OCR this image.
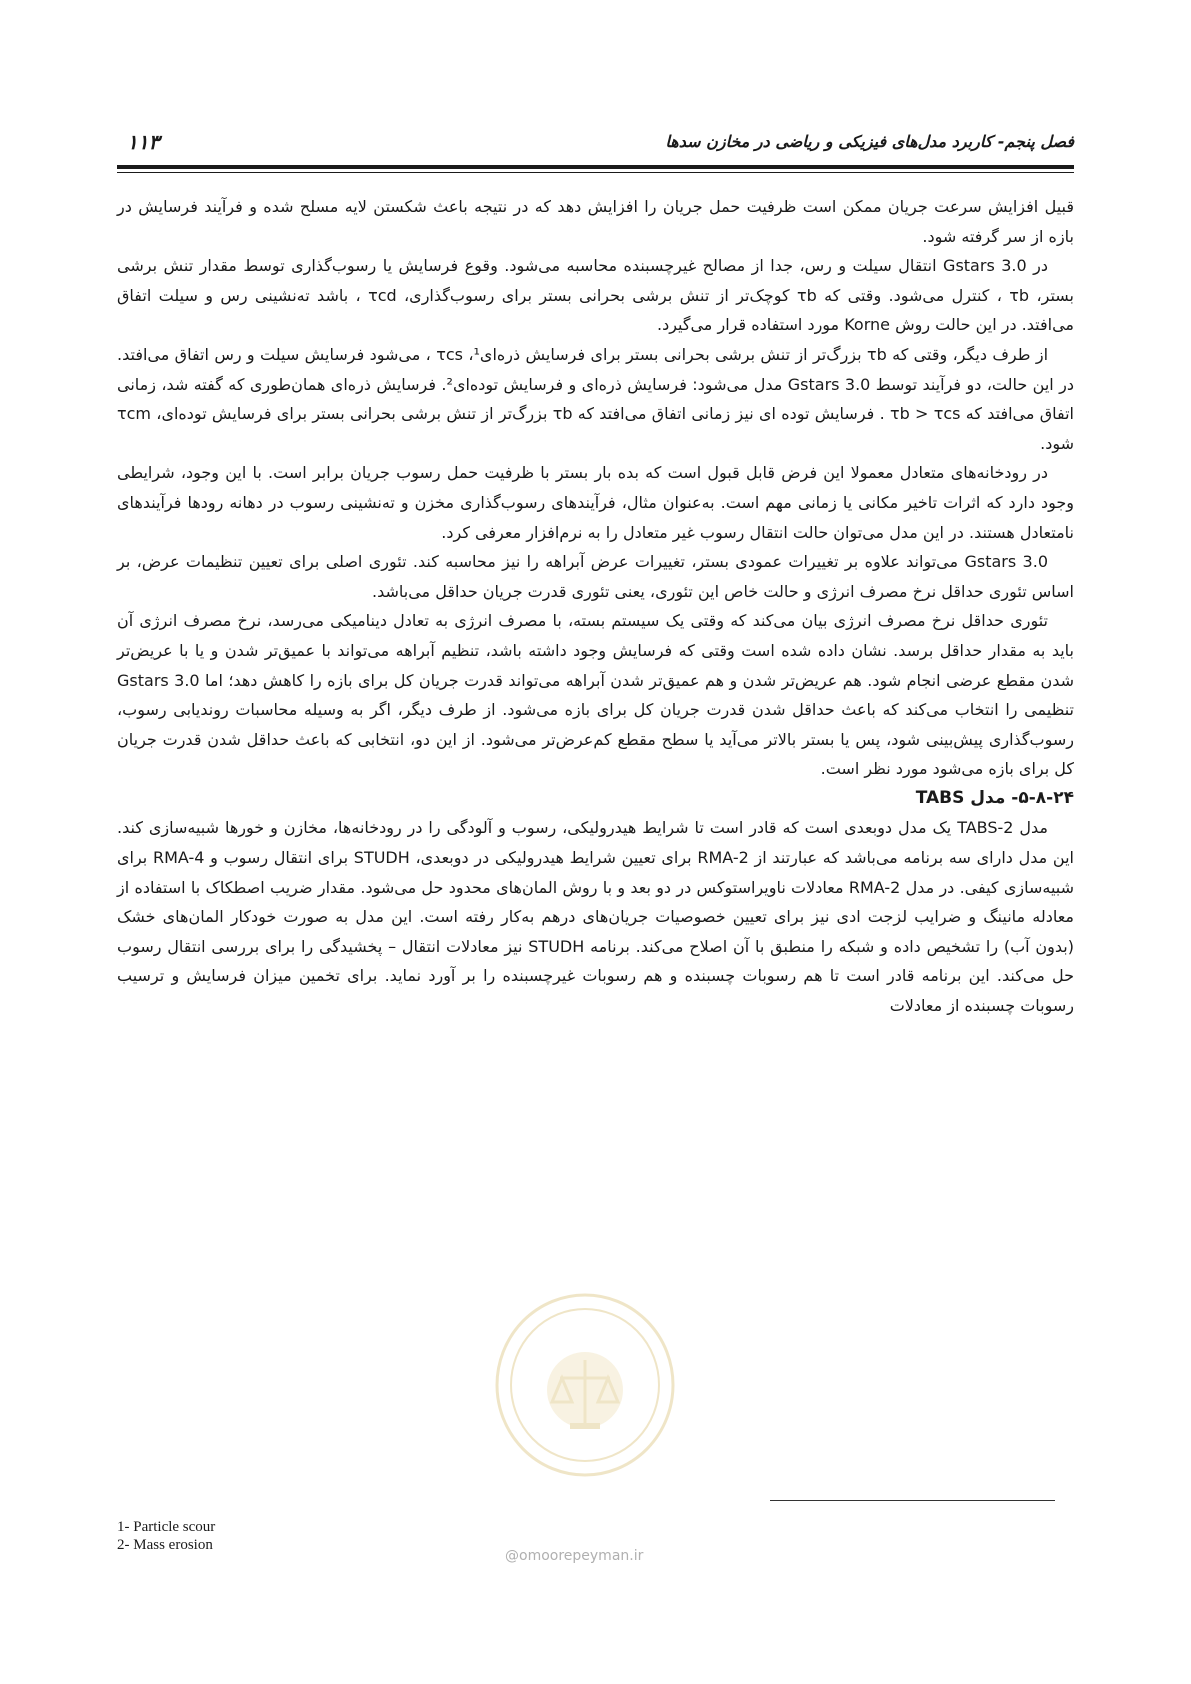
۱۱۳	فصل پنجم- کاربرد مدل‌های فیزیکی و ریاضی در مخازن سدها

قبیل افزایش سرعت جریان ممکن است ظرفیت حمل جریان را افزایش دهد که در نتیجه باعث شکستن لایه مسلح شده و فرآیند فرسایش در بازه از سر گرفته شود.

در Gstars 3.0 انتقال سیلت و رس، جدا از مصالح غیرچسبنده محاسبه می‌شود. وقوع فرسایش یا رسوب‌گذاری توسط مقدار تنش برشی بستر، τb ، کنترل می‌شود. وقتی که τb کوچک‌تر از تنش برشی بحرانی بستر برای رسوب‌گذاری، τcd ، باشد ته‌نشینی رس و سیلت اتفاق می‌افتد. در این حالت روش Korne مورد استفاده قرار می‌گیرد.

از طرف دیگر، وقتی که τb بزرگ‌تر از تنش برشی بحرانی بستر برای فرسایش ذره‌ای¹، τcs ، می‌شود فرسایش سیلت و رس اتفاق می‌افتد. در این حالت، دو فرآیند توسط Gstars 3.0 مدل می‌شود: فرسایش ذره‌ای و فرسایش توده‌ای². فرسایش ذره‌ای همان‌طوری که گفته شد، زمانی اتفاق می‌افتد که τb > τcs . فرسایش توده ای نیز زمانی اتفاق می‌افتد که τb بزرگ‌تر از تنش برشی بحرانی بستر برای فرسایش توده‌ای، τcm شود.

در رودخانه‌های متعادل معمولا این فرض قابل قبول است که بده بار بستر با ظرفیت حمل رسوب جریان برابر است. با این وجود، شرایطی وجود دارد که اثرات تاخیر مکانی یا زمانی مهم است. به‌عنوان مثال، فرآیندهای رسوب‌گذاری مخزن و ته‌نشینی رسوب در دهانه رودها فرآیندهای نامتعادل هستند. در این مدل می‌توان حالت انتقال رسوب غیر متعادل را به نرم‌افزار معرفی کرد.

Gstars 3.0 می‌تواند علاوه بر تغییرات عمودی بستر، تغییرات عرض آبراهه را نیز محاسبه کند. تئوری اصلی برای تعیین تنظیمات عرض، بر اساس تئوری حداقل نرخ مصرف انرژی و حالت خاص این تئوری، یعنی تئوری قدرت جریان حداقل می‌باشد.

تئوری حداقل نرخ مصرف انرژی بیان می‌کند که وقتی یک سیستم بسته، با مصرف انرژی به تعادل دینامیکی می‌رسد، نرخ مصرف انرژی آن باید به مقدار حداقل برسد. نشان داده شده است وقتی که فرسایش وجود داشته باشد، تنظیم آبراهه می‌تواند با عمیق‌تر شدن و یا با عریض‌تر شدن مقطع عرضی انجام شود. هم عریض‌تر شدن و هم عمیق‌تر شدن آبراهه می‌تواند قدرت جریان کل برای بازه را کاهش دهد؛ اما Gstars 3.0 تنظیمی را انتخاب می‌کند که باعث حداقل شدن قدرت جریان کل برای بازه می‌شود. از طرف دیگر، اگر به وسیله محاسبات روندیابی رسوب، رسوب‌گذاری پیش‌بینی شود، پس یا بستر بالاتر می‌آید یا سطح مقطع کم‌عرض‌تر می‌شود. از این دو، انتخابی که باعث حداقل شدن قدرت جریان کل برای بازه می‌شود مورد نظر است.

۵-۸-۲۴- مدل TABS

مدل TABS-2 یک مدل دوبعدی است که قادر است تا شرایط هیدرولیکی، رسوب و آلودگی را در رودخانه‌ها، مخازن و خورها شبیه‌سازی کند. این مدل دارای سه برنامه می‌باشد که عبارتند از RMA-2 برای تعیین شرایط هیدرولیکی در دوبعدی، STUDH برای انتقال رسوب و RMA-4 برای شبیه‌سازی کیفی. در مدل RMA-2 معادلات ناویراستوکس در دو بعد و با روش المان‌های محدود حل می‌شود. مقدار ضریب اصطکاک با استفاده از معادله مانینگ و ضرایب لزجت ادی نیز برای تعیین خصوصیات جریان‌های درهم به‌کار رفته است. این مدل به صورت خودکار المان‌های خشک (بدون آب) را تشخیص داده و شبکه را منطبق با آن اصلاح می‌کند. برنامه STUDH نیز معادلات انتقال – پخشیدگی را برای بررسی انتقال رسوب حل می‌کند. این برنامه قادر است تا هم رسوبات چسبنده و هم رسوبات غیرچسبنده را بر آورد نماید. برای تخمین میزان فرسایش و ترسیب رسوبات چسبنده از معادلات

@omoorepeyman.ir
1- Particle scour
2- Mass erosion
